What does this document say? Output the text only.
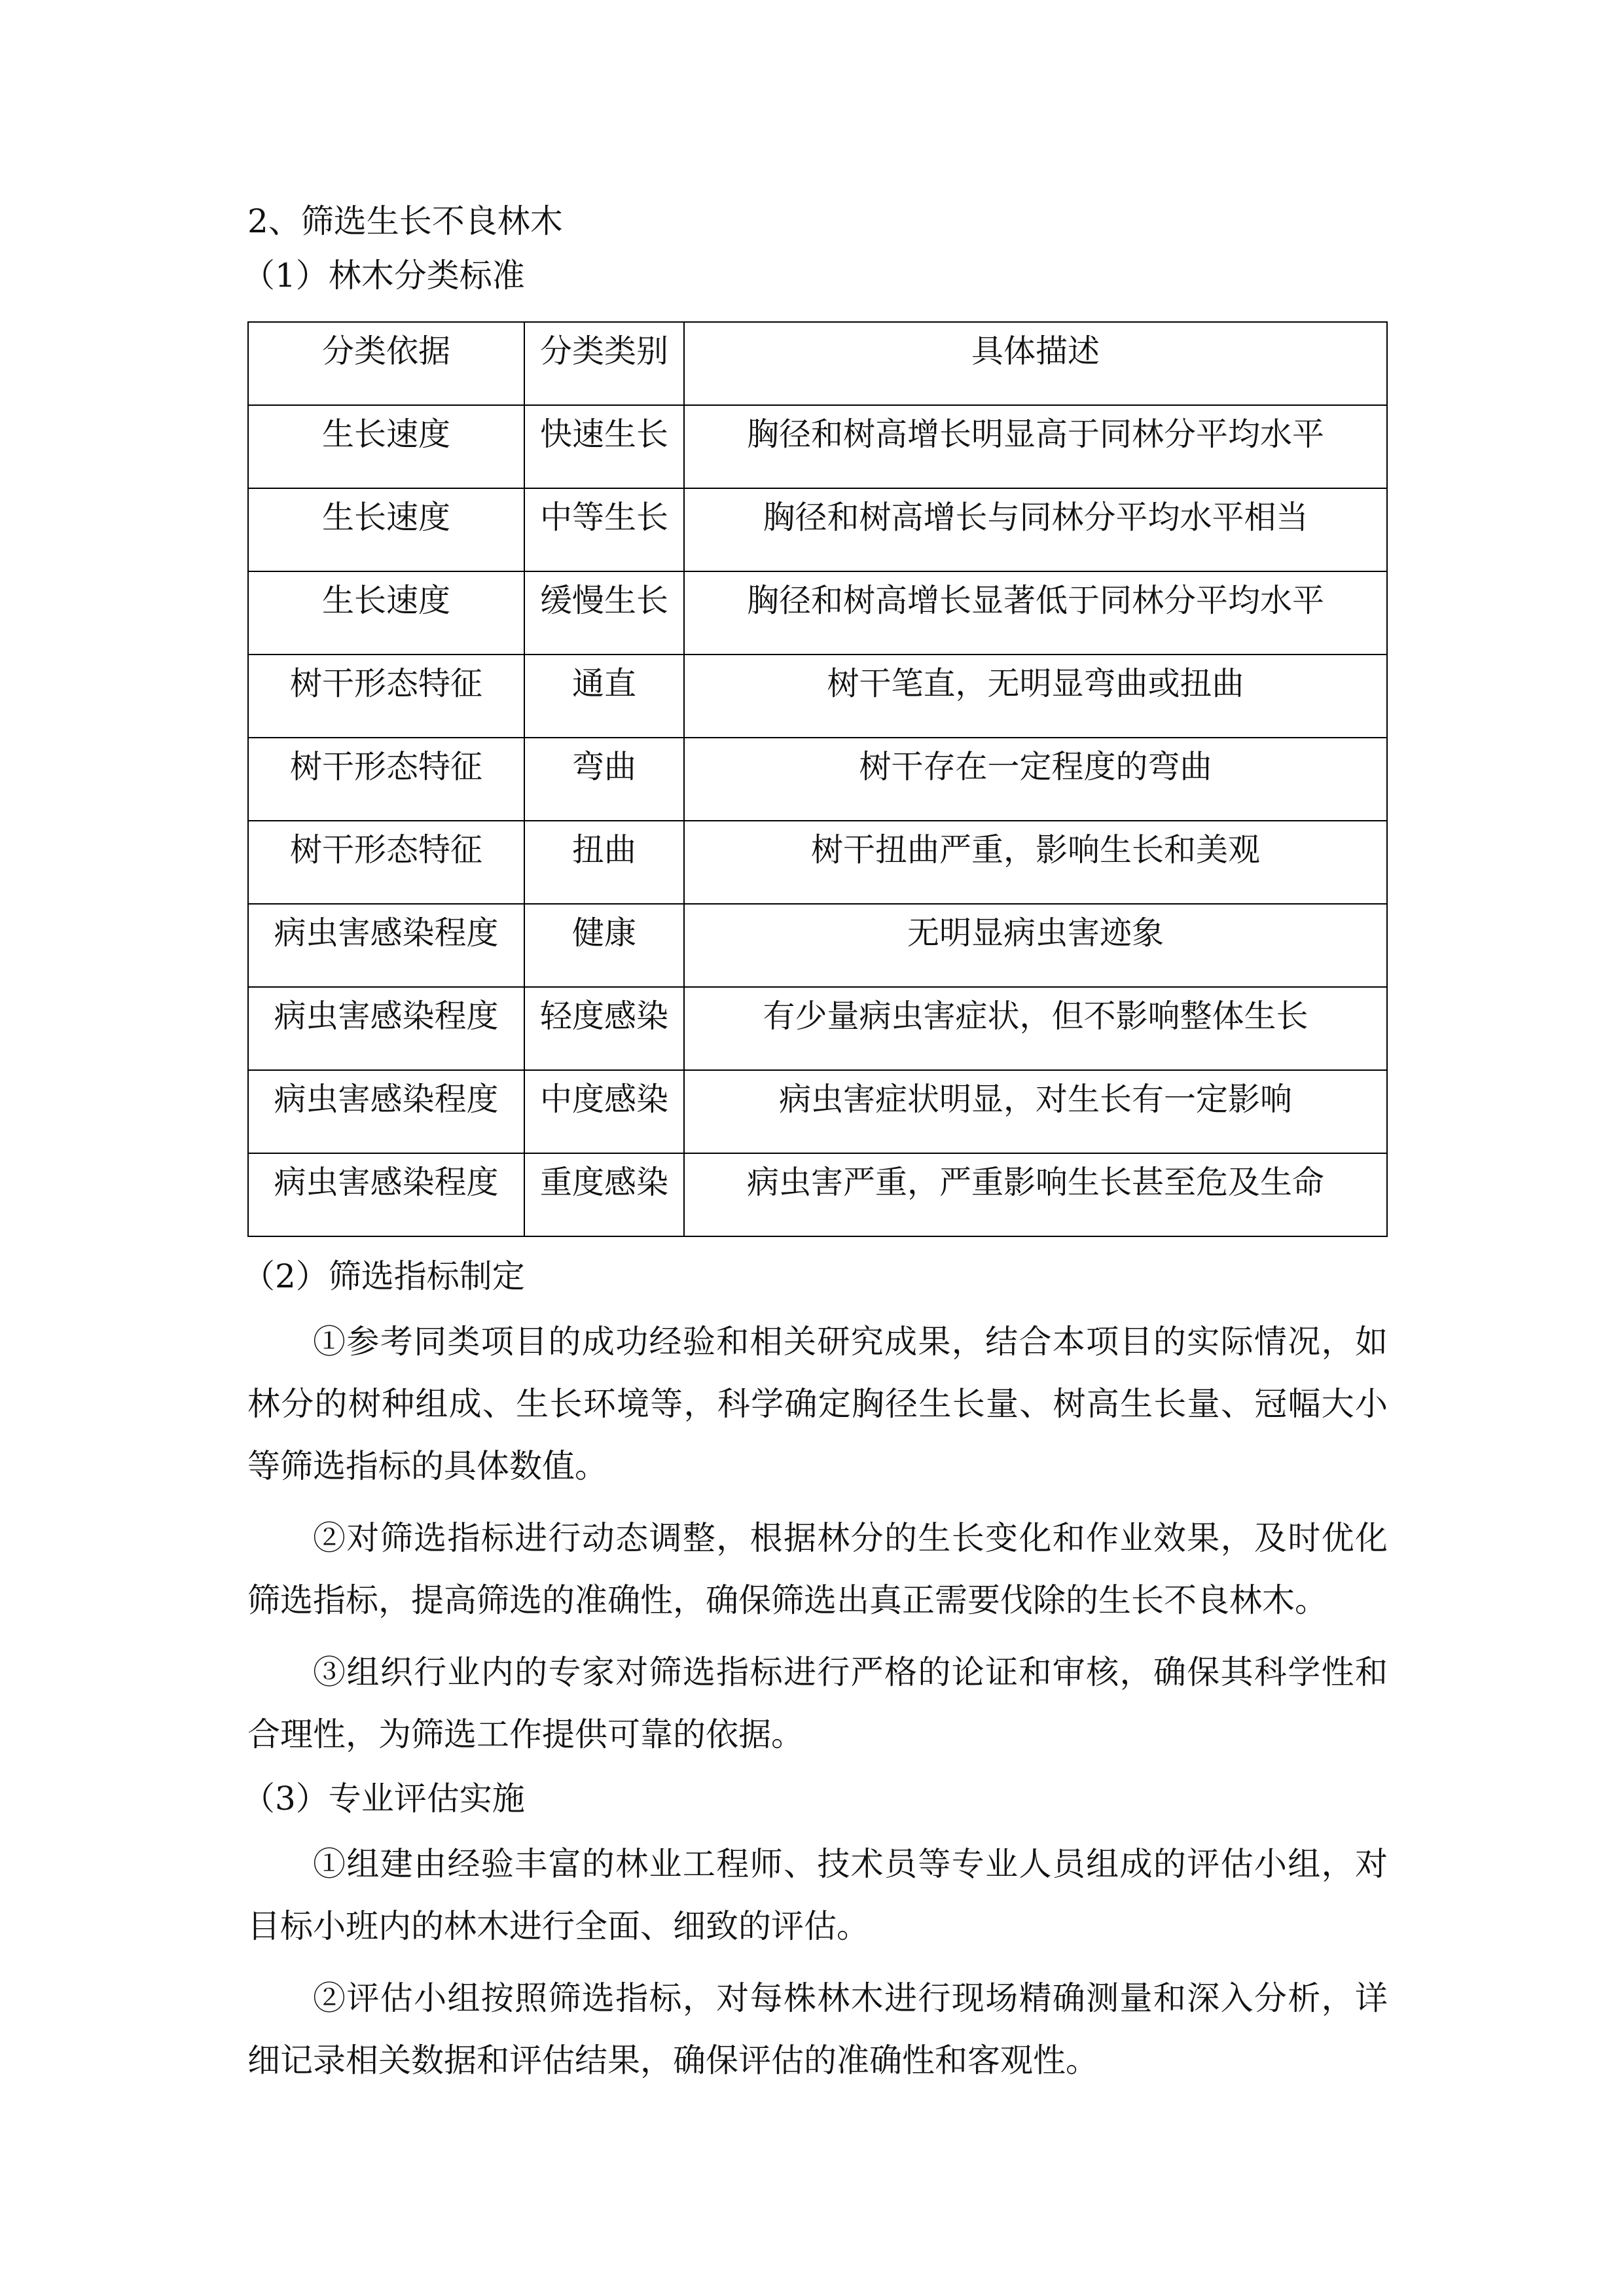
2、筛选生长不良林木
（1）林木分类标准
分类依据	分类类别	具体描述
生长速度	快速生长	胸径和树高增长明显高于同林分平均水平
生长速度	中等生长	胸径和树高增长与同林分平均水平相当
生长速度	缓慢生长	胸径和树高增长显著低于同林分平均水平
树干形态特征	通直	树干笔直，无明显弯曲或扭曲
树干形态特征	弯曲	树干存在一定程度的弯曲
树干形态特征	扭曲	树干扭曲严重，影响生长和美观
病虫害感染程度	健康	无明显病虫害迹象
病虫害感染程度	轻度感染	有少量病虫害症状，但不影响整体生长
病虫害感染程度	中度感染	病虫害症状明显，对生长有一定影响
病虫害感染程度	重度感染	病虫害严重，严重影响生长甚至危及生命
（2）筛选指标制定
①参考同类项目的成功经验和相关研究成果，结合本项目的实际情况，如林分的树种组成、生长环境等，科学确定胸径生长量、树高生长量、冠幅大小等筛选指标的具体数值。
②对筛选指标进行动态调整，根据林分的生长变化和作业效果，及时优化筛选指标，提高筛选的准确性，确保筛选出真正需要伐除的生长不良林木。
③组织行业内的专家对筛选指标进行严格的论证和审核，确保其科学性和合理性，为筛选工作提供可靠的依据。
（3）专业评估实施
①组建由经验丰富的林业工程师、技术员等专业人员组成的评估小组，对目标小班内的林木进行全面、细致的评估。
②评估小组按照筛选指标，对每株林木进行现场精确测量和深入分析，详细记录相关数据和评估结果，确保评估的准确性和客观性。
